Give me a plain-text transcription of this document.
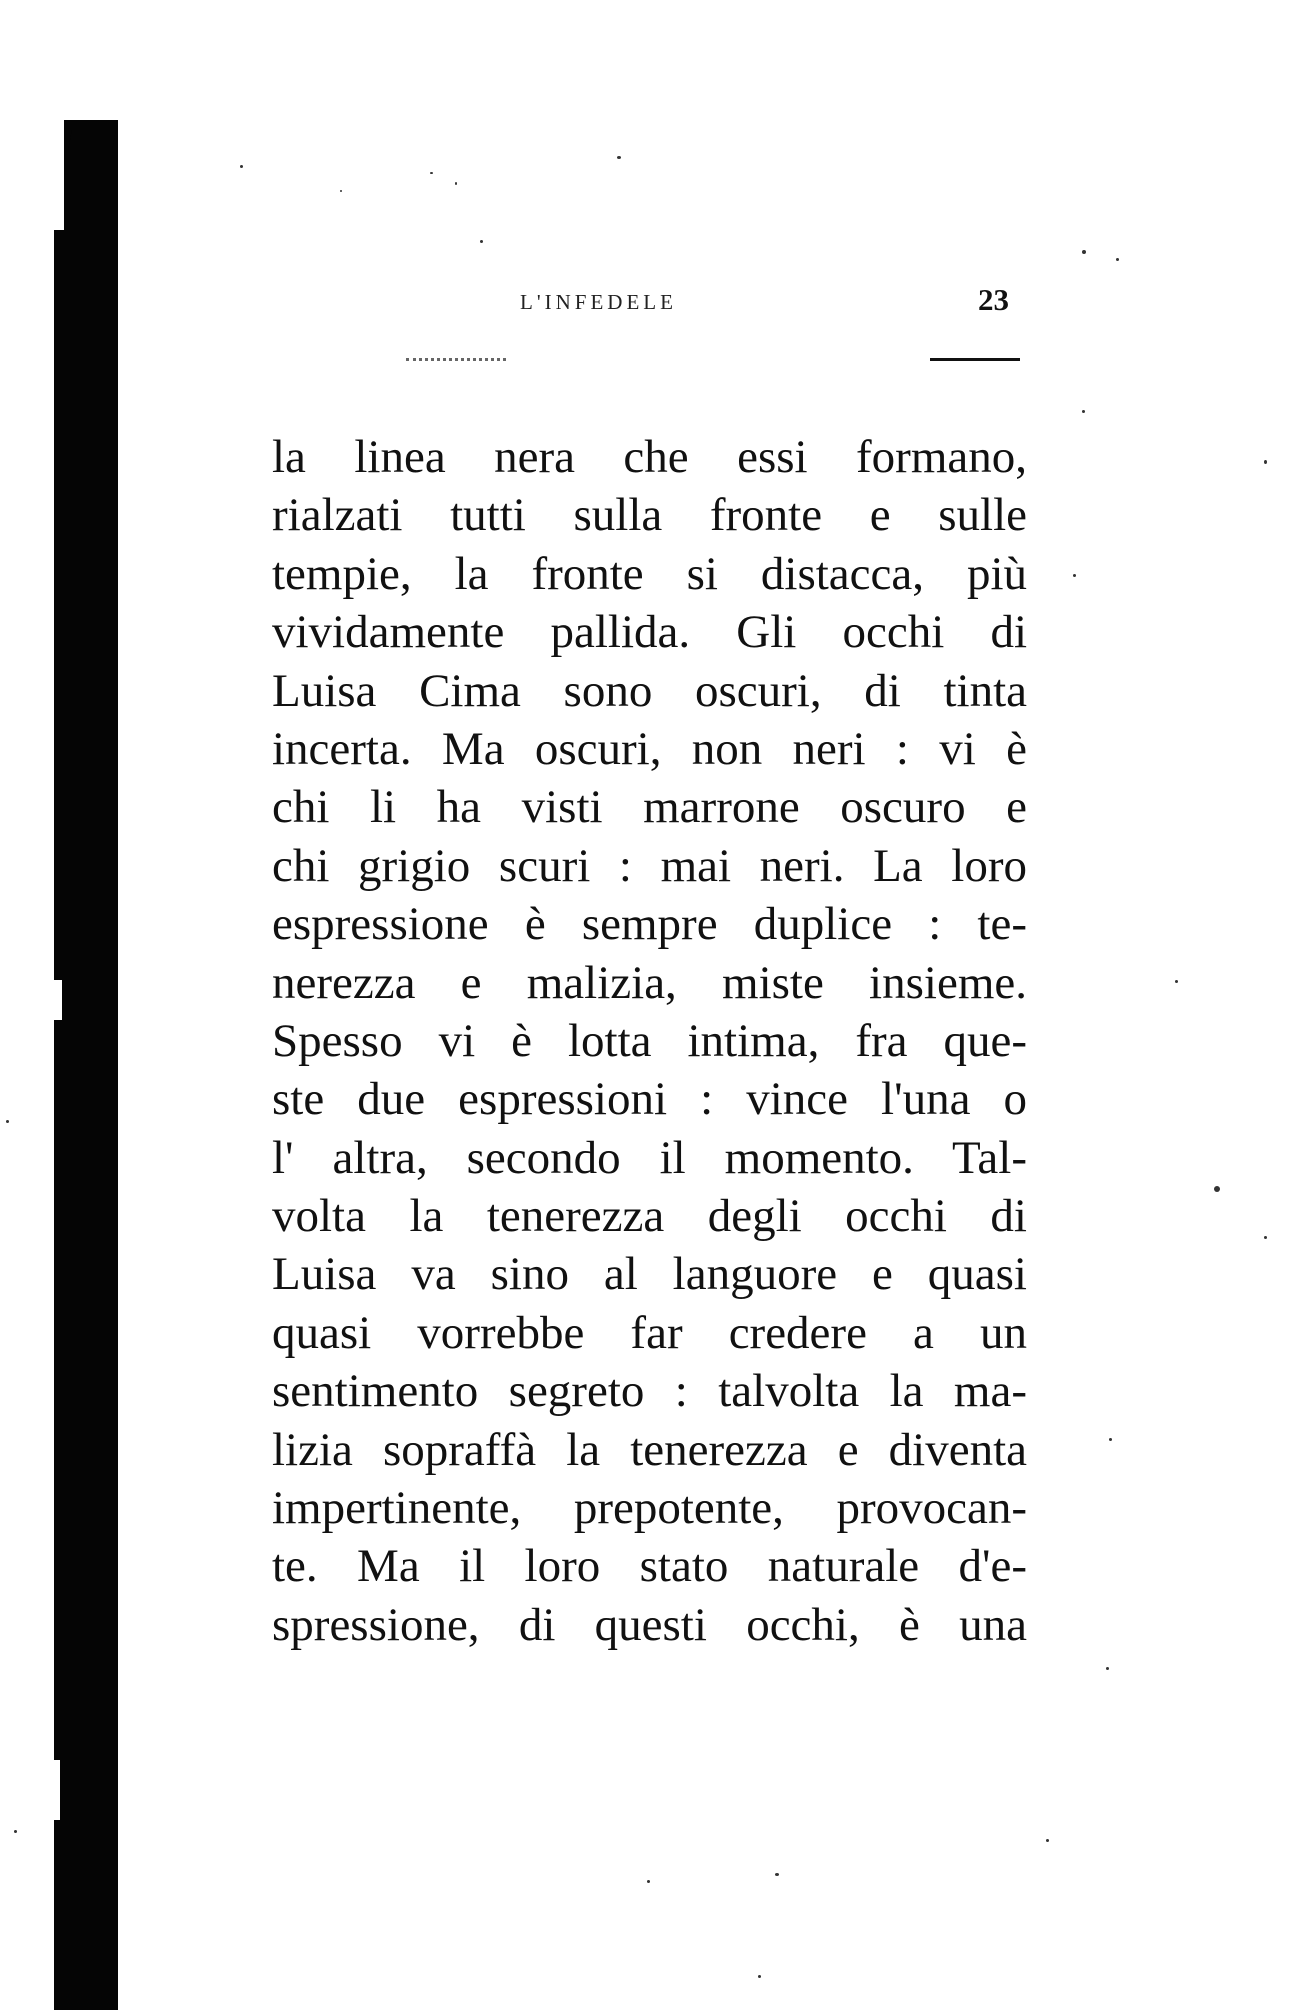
L'INFEDELE	23
la linea nera che essi formano,
rialzati tutti sulla fronte e sulle
tempie, la fronte si distacca, più
vividamente pallida. Gli occhi di
Luisa Cima sono oscuri, di tinta
incerta. Ma oscuri, non neri : vi è
chi li ha visti marrone oscuro e
chi grigio scuri : mai neri. La loro
espressione è sempre duplice : te-
nerezza e malizia, miste insieme.
Spesso vi è lotta intima, fra que-
ste due espressioni : vince l'una o
l' altra, secondo il momento. Tal-
volta la tenerezza degli occhi di
Luisa va sino al languore e quasi
quasi vorrebbe far credere a un
sentimento segreto : talvolta la ma-
lizia sopraffà la tenerezza e diventa
impertinente, prepotente, provocan-
te. Ma il loro stato naturale d'e-
spressione, di questi occhi, è una
